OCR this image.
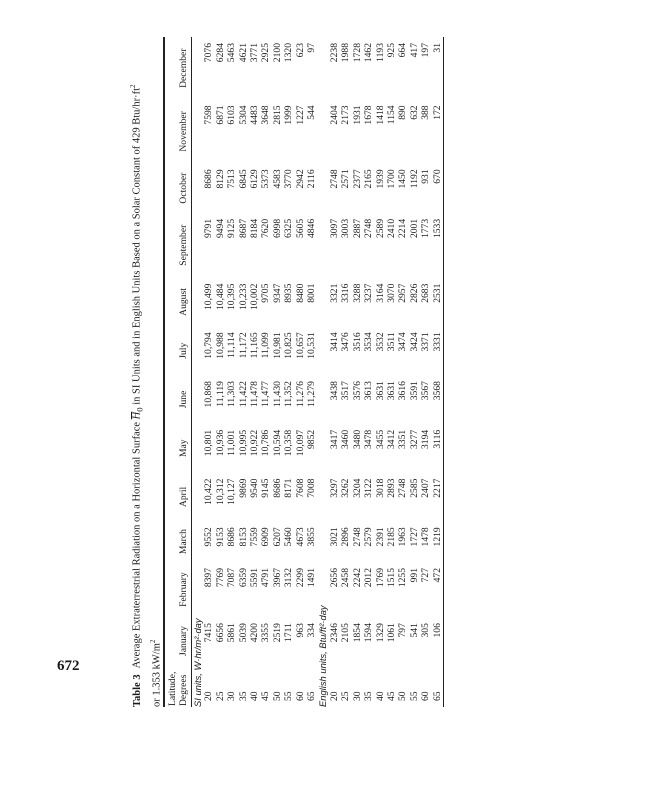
672
Table 3Average Extraterrestrial Radiation on a Horizontal Surface $\overline{H}_0$ in SI Units and in English Units Based on a Solar Constant of 429 Btu/$hr\cdot ft^2$
or 1.353 $kW/m^2$

Latitude,
Degrees	January	February	March	April	May	June	July	August	September	October	November	December
SI units, W·hr/m²·day												
20	7415	8397	9552	10,422	10,801	10,868	10,794	10,499	9791	8686	7598	7076
25	6656	7769	9153	10,312	10,936	11,119	10,988	10,484	9494	8129	6871	6284
30	5861	7087	8686	10,127	11,001	11,303	11,114	10,395	9125	7513	6103	5463
35	5039	6359	8153	9869	10,995	11,422	11,172	10,233	8687	6845	5304	4621
40	4200	5591	7559	9540	10,922	11,478	11,165	10,002	8184	6129	4483	3771
45	3355	4791	6909	9145	10,786	11,477	11,099	9705	7620	5373	3648	2925
50	2519	3967	6207	8686	10,594	11,430	10,981	9347	6998	4583	2815	2100
55	1711	3132	5460	8171	10,358	11,352	10,825	8935	6325	3770	1999	1320
60	963	2299	4673	7608	10,097	11,276	10,657	8480	5605	2942	1227	623
65	334	1491	3855	7008	9852	11,279	10,531	8001	4846	2116	544	97
English units, Btu/ft²·day												
20	2346	2656	3021	3297	3417	3438	3414	3321	3097	2748	2404	2238
25	2105	2458	2896	3262	3460	3517	3476	3316	3003	2571	2173	1988
30	1854	2242	2748	3204	3480	3576	3516	3288	2887	2377	1931	1728
35	1594	2012	2579	3122	3478	3613	3534	3237	2748	2165	1678	1462
40	1329	1769	2391	3018	3455	3631	3532	3164	2589	1939	1418	1193
45	1061	1515	2185	2893	3412	3631	3511	3070	2410	1700	1154	925
50	797	1255	1963	2748	3351	3616	3474	2957	2214	1450	890	664
55	541	991	1727	2585	3277	3591	3424	2826	2001	1192	632	417
60	305	727	1478	2407	3194	3567	3371	2683	1773	931	388	197
65	106	472	1219	2217	3116	3568	3331	2531	1533	670	172	31
